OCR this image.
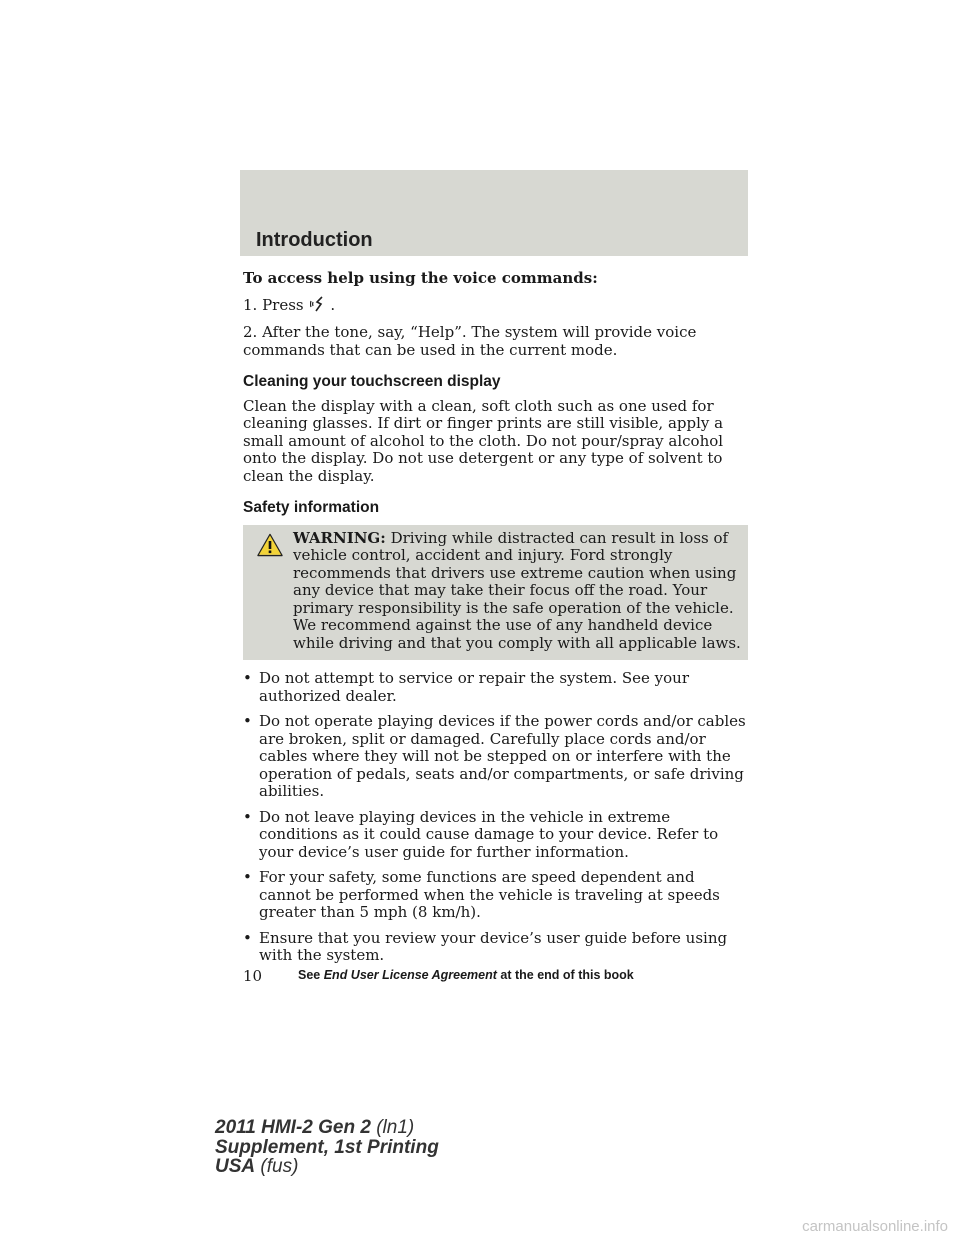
Introduction

To access help using the voice commands:

1. Press .

2. After the tone, say, “Help”. The system will provide voice commands that can be used in the current mode.

Cleaning your touchscreen display

Clean the display with a clean, soft cloth such as one used for cleaning glasses. If dirt or finger prints are still visible, apply a small amount of alcohol to the cloth. Do not pour/spray alcohol onto the display. Do not use detergent or any type of solvent to clean the display.

Safety information

WARNING: Driving while distracted can result in loss of vehicle control, accident and injury. Ford strongly recommends that drivers use extreme caution when using any device that may take their focus off the road. Your primary responsibility is the safe operation of the vehicle. We recommend against the use of any handheld device while driving and that you comply with all applicable laws.

• Do not attempt to service or repair the system. See your authorized dealer.
• Do not operate playing devices if the power cords and/or cables are broken, split or damaged. Carefully place cords and/or cables where they will not be stepped on or interfere with the operation of pedals, seats and/or compartments, or safe driving abilities.
• Do not leave playing devices in the vehicle in extreme conditions as it could cause damage to your device. Refer to your device’s user guide for further information.
• For your safety, some functions are speed dependent and cannot be performed when the vehicle is traveling at speeds greater than 5 mph (8 km/h).
• Ensure that you review your device’s user guide before using with the system.
10	See End User License Agreement at the end of this book
2011 HMI-2 Gen 2 (ln1)
Supplement, 1st Printing
USA (fus)
carmanualsonline.info
